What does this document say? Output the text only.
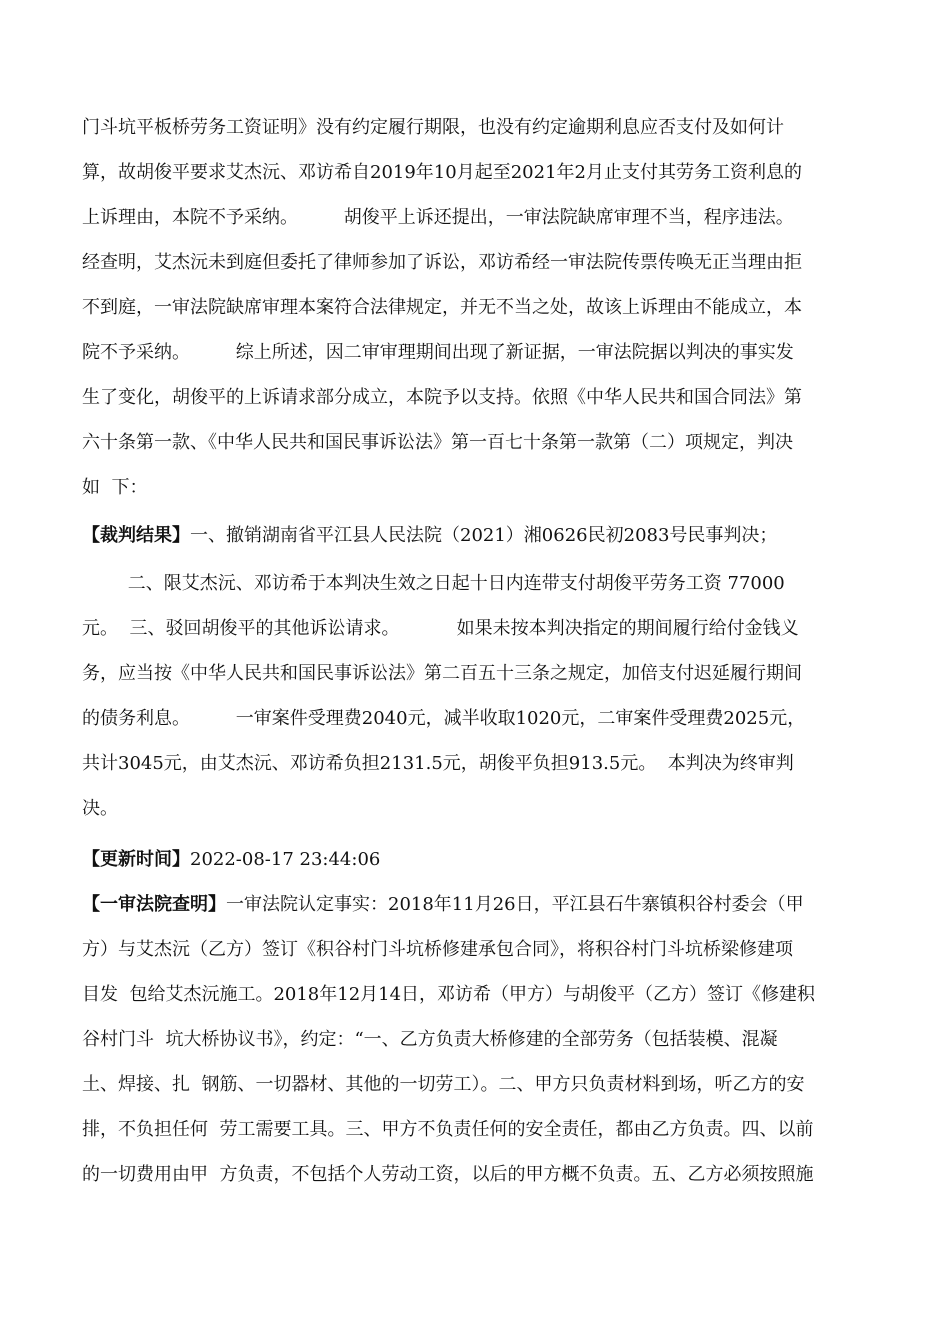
门斗坑平板桥劳务工资证明》没有约定履行期限，也没有约定逾期利息应否支付及如何计

算，故胡俊平要求艾杰沅、邓访希自2019年10月起至2021年2月止支付其劳务工资利息的

上诉理由，本院不予采纳。        胡俊平上诉还提出，一审法院缺席审理不当，程序违法。

经查明，艾杰沅未到庭但委托了律师参加了诉讼，邓访希经一审法院传票传唤无正当理由拒

不到庭，一审法院缺席审理本案符合法律规定，并无不当之处，故该上诉理由不能成立，本

院不予采纳。        综上所述，因二审审理期间出现了新证据，一审法院据以判决的事实发

生了变化，胡俊平的上诉请求部分成立，本院予以支持。依照《中华人民共和国合同法》第

六十条第一款、《中华人民共和国民事诉讼法》第一百七十条第一款第（二）项规定，判决

如  下：

【裁判结果】一、撤销湖南省平江县人民法院（2021）湘0626民初2083号民事判决；

二、限艾杰沅、邓访希于本判决生效之日起十日内连带支付胡俊平劳务工资 77000

元。  三、驳回胡俊平的其他诉讼请求。          如果未按本判决指定的期间履行给付金钱义

务，应当按《中华人民共和国民事诉讼法》第二百五十三条之规定，加倍支付迟延履行期间

的债务利息。        一审案件受理费2040元，减半收取1020元，二审案件受理费2025元，

共计3045元，由艾杰沅、邓访希负担2131.5元，胡俊平负担913.5元。  本判决为终审判

决。

【更新时间】2022-08-17 23:44:06

【一审法院查明】一审法院认定事实：2018年11月26日，平江县石牛寨镇积谷村委会（甲

方）与艾杰沅（乙方）签订《积谷村门斗坑桥修建承包合同》，将积谷村门斗坑桥梁修建项

目发  包给艾杰沅施工。2018年12月14日，邓访希（甲方）与胡俊平（乙方）签订《修建积

谷村门斗  坑大桥协议书》，约定：“一、乙方负责大桥修建的全部劳务（包括装模、混凝

土、焊接、扎  钢筋、一切器材、其他的一切劳工）。二、甲方只负责材料到场，听乙方的安

排，不负担任何  劳工需要工具。三、甲方不负责任何的安全责任，都由乙方负责。四、以前

的一切费用由甲  方负责，不包括个人劳动工资，以后的甲方概不负责。五、乙方必须按照施
